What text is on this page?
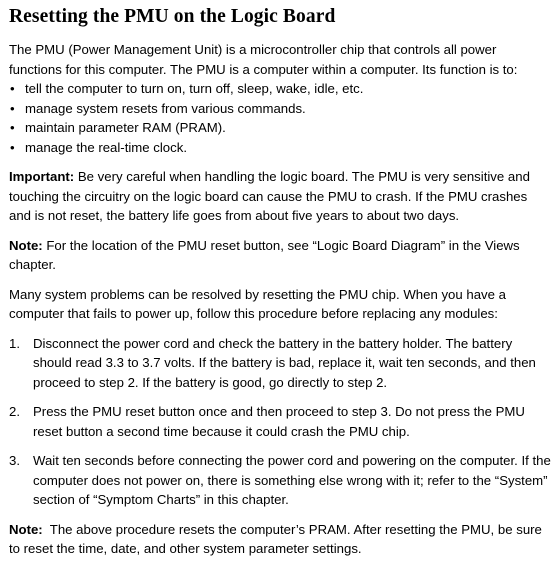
Resetting the PMU on the Logic Board

The PMU (Power Management Unit) is a microcontroller chip that controls all power functions for this computer. The PMU is a computer within a computer. Its function is to:

• tell the computer to turn on, turn off, sleep, wake, idle, etc.
• manage system resets from various commands.
• maintain parameter RAM (PRAM).
• manage the real-time clock.

Important: Be very careful when handling the logic board. The PMU is very sensitive and touching the circuitry on the logic board can cause the PMU to crash. If the PMU crashes and is not reset, the battery life goes from about five years to about two days.

Note: For the location of the PMU reset button, see “Logic Board Diagram” in the Views chapter.

Many system problems can be resolved by resetting the PMU chip. When you have a computer that fails to power up, follow this procedure before replacing any modules:

1. Disconnect the power cord and check the battery in the battery holder. The battery should read 3.3 to 3.7 volts. If the battery is bad, replace it, wait ten seconds, and then proceed to step 2. If the battery is good, go directly to step 2.
2. Press the PMU reset button once and then proceed to step 3. Do not press the PMU reset button a second time because it could crash the PMU chip.
3. Wait ten seconds before connecting the power cord and powering on the computer. If the computer does not power on, there is something else wrong with it; refer to the “System” section of “Symptom Charts” in this chapter.

Note:  The above procedure resets the computer’s PRAM. After resetting the PMU, be sure to reset the time, date, and other system parameter settings.
